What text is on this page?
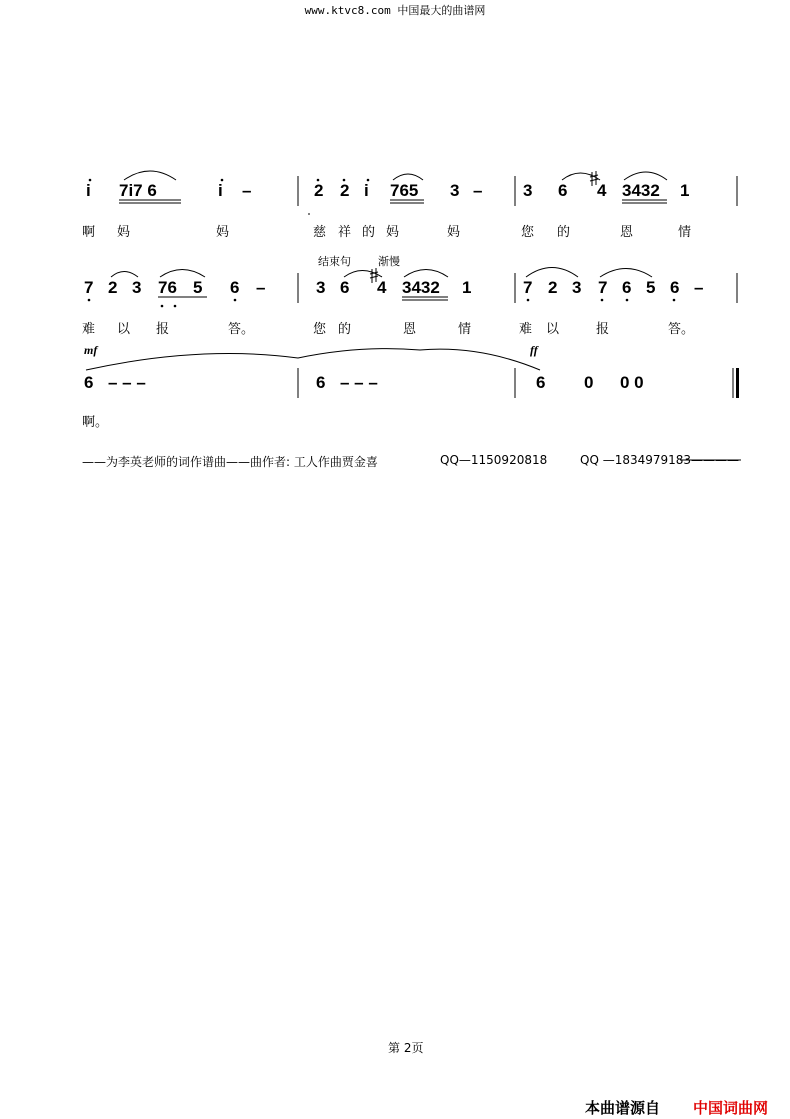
www.ktvc8.com 中国最大的曲谱网
i 7i7 6	i –	2 2 i 765 3 – 3 6 4 3432 1
啊 妈	妈	慈 祥 的 妈	妈	您 的	恩	情
结束句 渐慢
7 2 3 76 5 6 –	3 6 4 3432 1	7 2 3 7 6 5 6 –
难 以 报	答。	您 的	恩	情	难 以	报	答。
mf	ff
6 – – –	6 – – –	6 0 0 0
啊。
——为李英老师的词作谱曲——曲作者: 工人作曲贾金喜	QQ—1150920818	QQ —1834979183————
第 2页
本曲谱源自 中国词曲网
